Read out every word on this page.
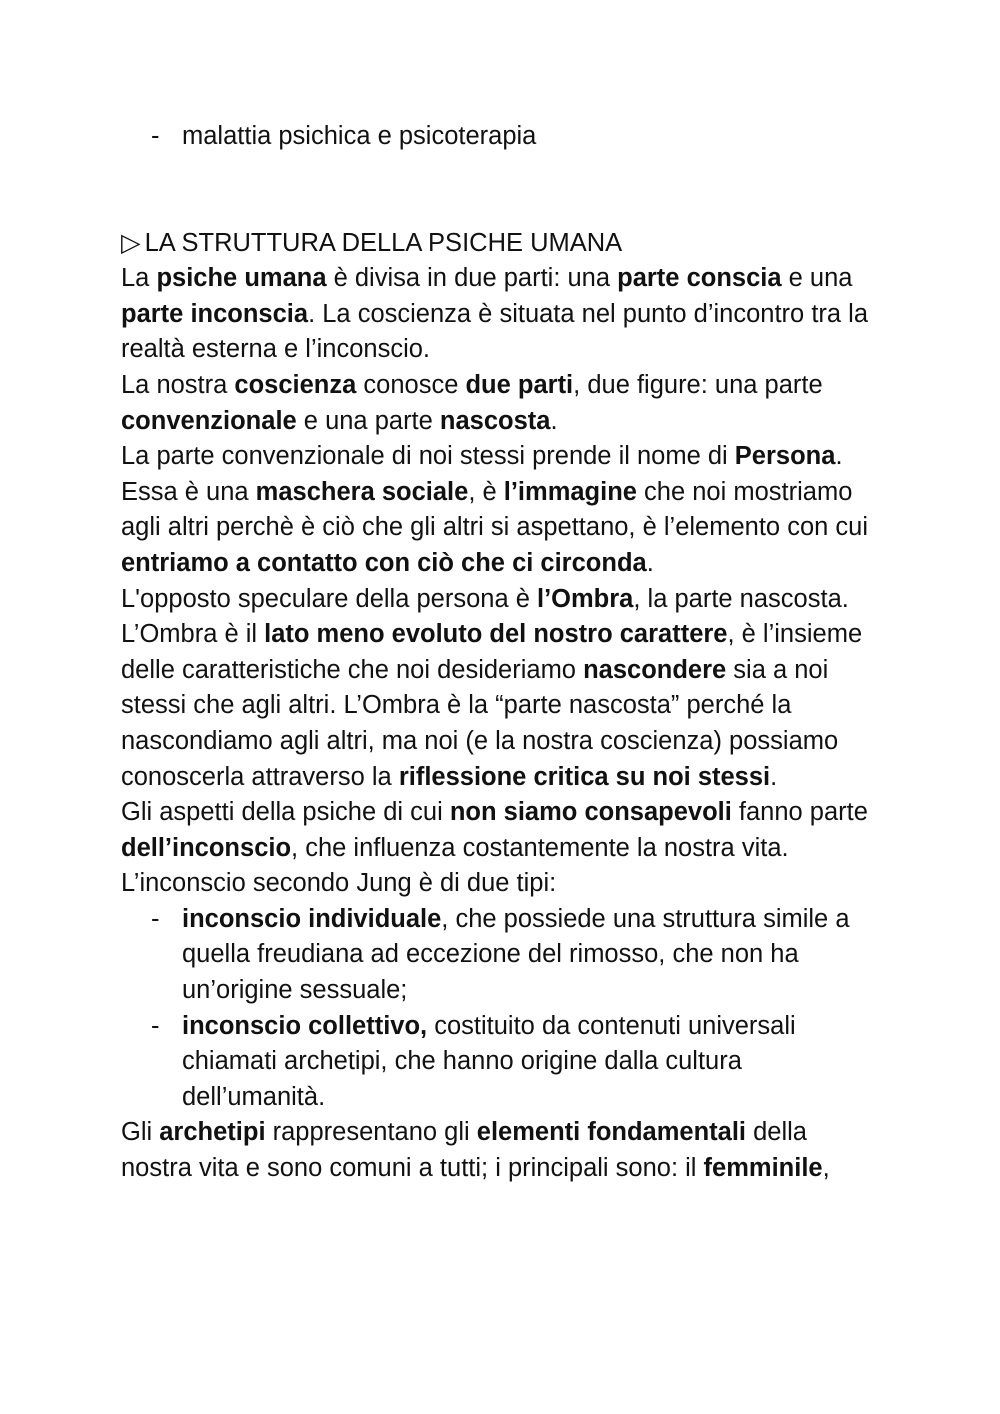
- malattia psichica e psicoterapia

▷ LA STRUTTURA DELLA PSICHE UMANA

La psiche umana è divisa in due parti: una parte conscia e una parte inconscia. La coscienza è situata nel punto d’incontro tra la realtà esterna e l’inconscio.

La nostra coscienza conosce due parti, due figure: una parte convenzionale e una parte nascosta.

La parte convenzionale di noi stessi prende il nome di Persona. Essa è una maschera sociale, è l’immagine che noi mostriamo agli altri perchè è ciò che gli altri si aspettano, è l’elemento con cui entriamo a contatto con ciò che ci circonda.

L'opposto speculare della persona è l’Ombra, la parte nascosta. L’Ombra è il lato meno evoluto del nostro carattere, è l’insieme delle caratteristiche che noi desideriamo nascondere sia a noi stessi che agli altri. L’Ombra è la “parte nascosta” perché la nascondiamo agli altri, ma noi (e la nostra coscienza) possiamo conoscerla attraverso la riflessione critica su noi stessi.

Gli aspetti della psiche di cui non siamo consapevoli fanno parte dell’inconscio, che influenza costantemente la nostra vita. L’inconscio secondo Jung è di due tipi:

- inconscio individuale, che possiede una struttura simile a quella freudiana ad eccezione del rimosso, che non ha un’origine sessuale;
- inconscio collettivo, costituito da contenuti universali chiamati archetipi, che hanno origine dalla cultura dell’umanità.

Gli archetipi rappresentano gli elementi fondamentali della nostra vita e sono comuni a tutti; i principali sono: il femminile,
